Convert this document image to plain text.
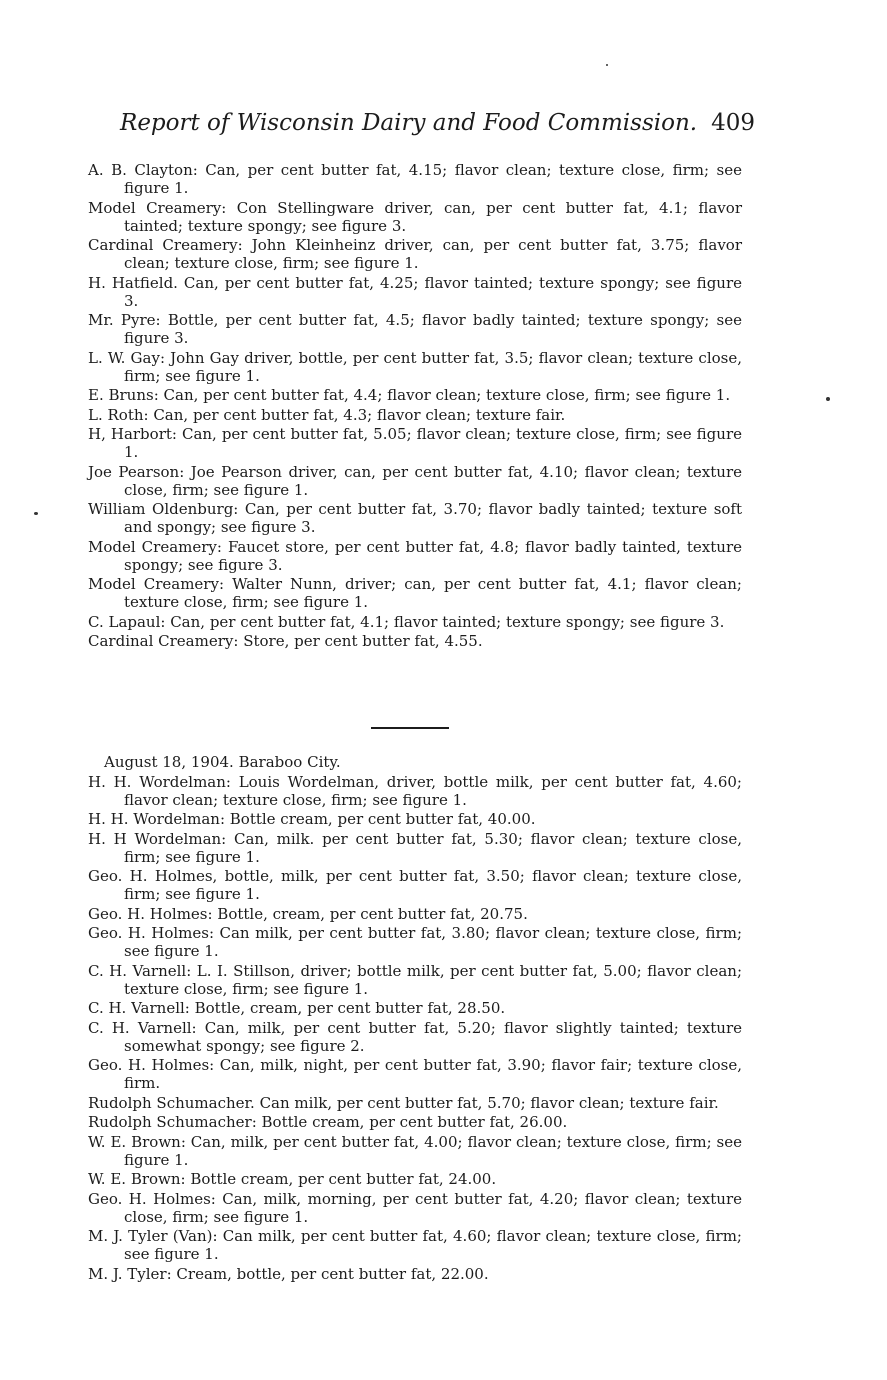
Report of Wisconsin Dairy and Food Commission. 409

A. B. Clayton: Can, per cent butter fat, 4.15; flavor clean; texture close, firm; see figure 1.

Model Creamery: Con Stellingware driver, can, per cent butter fat, 4.1; flavor tainted; texture spongy; see figure 3.

Cardinal Creamery: John Kleinheinz driver, can, per cent butter fat, 3.75; flavor clean; texture close, firm; see figure 1.

H. Hatfield. Can, per cent butter fat, 4.25; flavor tainted; texture spongy; see figure 3.

Mr. Pyre: Bottle, per cent butter fat, 4.5; flavor badly tainted; texture spongy; see figure 3.

L. W. Gay: John Gay driver, bottle, per cent butter fat, 3.5; flavor clean; texture close, firm; see figure 1.

E. Bruns: Can, per cent butter fat, 4.4; flavor clean; texture close, firm; see figure 1.

L. Roth: Can, per cent butter fat, 4.3; flavor clean; texture fair.

H, Harbort: Can, per cent butter fat, 5.05; flavor clean; texture close, firm; see figure 1.

Joe Pearson: Joe Pearson driver, can, per cent butter fat, 4.10; flavor clean; texture close, firm; see figure 1.

William Oldenburg: Can, per cent butter fat, 3.70; flavor badly tainted; texture soft and spongy; see figure 3.

Model Creamery: Faucet store, per cent butter fat, 4.8; flavor badly tainted, texture spongy; see figure 3.

Model Creamery: Walter Nunn, driver; can, per cent butter fat, 4.1; flavor clean; texture close, firm; see figure 1.

C. Lapaul: Can, per cent butter fat, 4.1; flavor tainted; texture spongy; see figure 3.

Cardinal Creamery: Store, per cent butter fat, 4.55.

August 18, 1904. Baraboo City.

H. H. Wordelman: Louis Wordelman, driver, bottle milk, per cent butter fat, 4.60; flavor clean; texture close, firm; see figure 1.

H. H. Wordelman: Bottle cream, per cent butter fat, 40.00.

H. H Wordelman: Can, milk. per cent butter fat, 5.30; flavor clean; texture close, firm; see figure 1.

Geo. H. Holmes, bottle, milk, per cent butter fat, 3.50; flavor clean; texture close, firm; see figure 1.

Geo. H. Holmes: Bottle, cream, per cent butter fat, 20.75.

Geo. H. Holmes: Can milk, per cent butter fat, 3.80; flavor clean; texture close, firm; see figure 1.

C. H. Varnell: L. I. Stillson, driver; bottle milk, per cent butter fat, 5.00; flavor clean; texture close, firm; see figure 1.

C. H. Varnell: Bottle, cream, per cent butter fat, 28.50.

C. H. Varnell: Can, milk, per cent butter fat, 5.20; flavor slightly tainted; texture somewhat spongy; see figure 2.

Geo. H. Holmes: Can, milk, night, per cent butter fat, 3.90; flavor fair; texture close, firm.

Rudolph Schumacher. Can milk, per cent butter fat, 5.70; flavor clean; texture fair.

Rudolph Schumacher: Bottle cream, per cent butter fat, 26.00.

W. E. Brown: Can, milk, per cent butter fat, 4.00; flavor clean; texture close, firm; see figure 1.

W. E. Brown: Bottle cream, per cent butter fat, 24.00.

Geo. H. Holmes: Can, milk, morning, per cent butter fat, 4.20; flavor clean; texture close, firm; see figure 1.

M. J. Tyler (Van): Can milk, per cent butter fat, 4.60; flavor clean; texture close, firm; see figure 1.

M. J. Tyler: Cream, bottle, per cent butter fat, 22.00.
